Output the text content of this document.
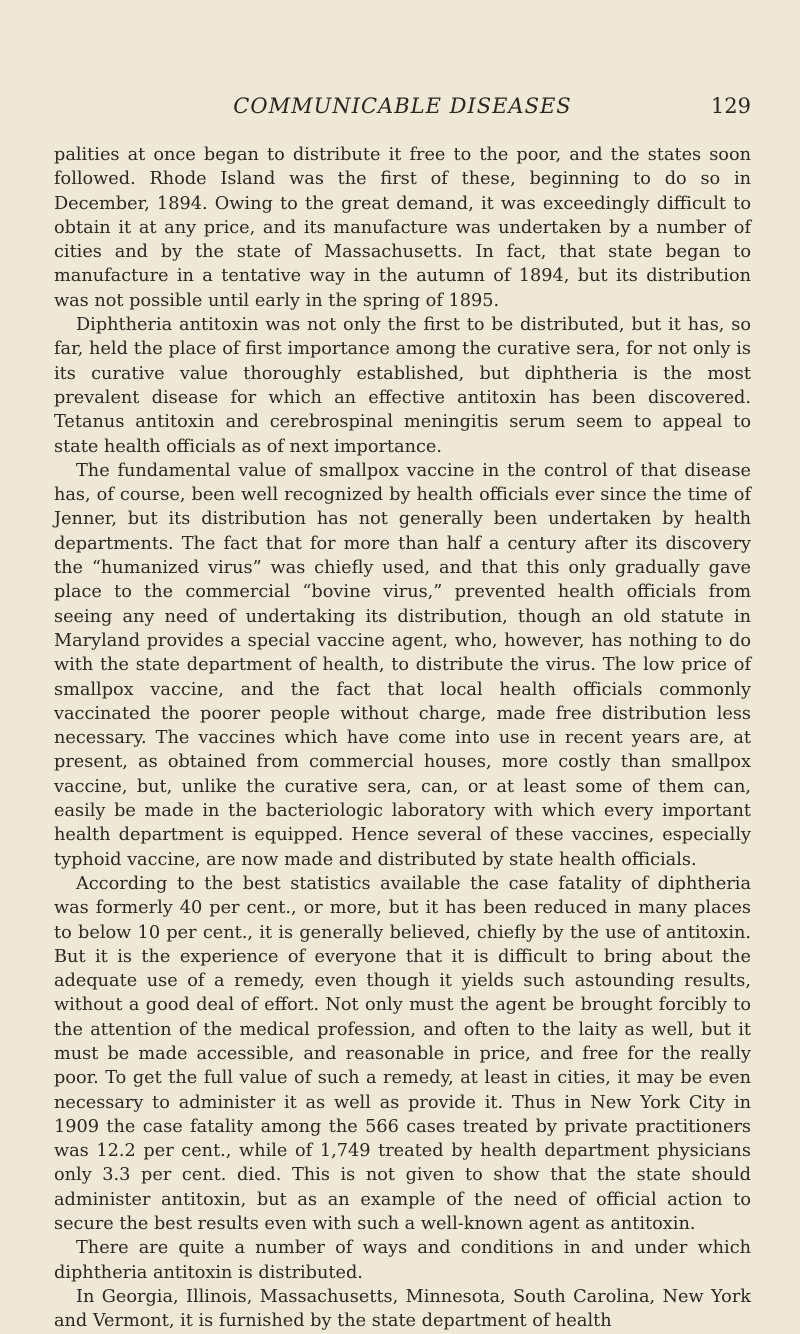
COMMUNICABLE DISEASES	129

palities at once began to distribute it free to the poor, and the states soon followed. Rhode Island was the first of these, beginning to do so in December, 1894. Owing to the great demand, it was exceedingly difficult to obtain it at any price, and its manufacture was undertaken by a number of cities and by the state of Massachusetts. In fact, that state began to manufacture in a tentative way in the autumn of 1894, but its distribution was not possible until early in the spring of 1895.

Diphtheria antitoxin was not only the first to be distributed, but it has, so far, held the place of first importance among the curative sera, for not only is its curative value thoroughly established, but diphtheria is the most prevalent disease for which an effective antitoxin has been discovered. Tetanus antitoxin and cerebrospinal meningitis serum seem to appeal to state health officials as of next importance.

The fundamental value of smallpox vaccine in the control of that disease has, of course, been well recognized by health officials ever since the time of Jenner, but its distribution has not generally been undertaken by health departments. The fact that for more than half a century after its discovery the “humanized virus” was chiefly used, and that this only gradually gave place to the commercial “bovine virus,” prevented health officials from seeing any need of undertaking its distribution, though an old statute in Maryland provides a special vaccine agent, who, however, has nothing to do with the state department of health, to distribute the virus. The low price of smallpox vaccine, and the fact that local health officials commonly vaccinated the poorer people without charge, made free distribution less necessary. The vaccines which have come into use in recent years are, at present, as obtained from commercial houses, more costly than smallpox vaccine, but, unlike the curative sera, can, or at least some of them can, easily be made in the bacteriologic laboratory with which every important health department is equipped. Hence several of these vaccines, especially typhoid vaccine, are now made and distributed by state health officials.

According to the best statistics available the case fatality of diphtheria was formerly 40 per cent., or more, but it has been reduced in many places to below 10 per cent., it is generally believed, chiefly by the use of antitoxin. But it is the experience of everyone that it is difficult to bring about the adequate use of a remedy, even though it yields such astounding results, without a good deal of effort. Not only must the agent be brought forcibly to the attention of the medical profession, and often to the laity as well, but it must be made accessible, and reasonable in price, and free for the really poor. To get the full value of such a remedy, at least in cities, it may be even necessary to administer it as well as provide it. Thus in New York City in 1909 the case fatality among the 566 cases treated by private practitioners was 12.2 per cent., while of 1,749 treated by health department physicians only 3.3 per cent. died. This is not given to show that the state should administer antitoxin, but as an example of the need of official action to secure the best results even with such a well-known agent as antitoxin.

There are quite a number of ways and conditions in and under which diphtheria antitoxin is distributed.

In Georgia, Illinois, Massachusetts, Minnesota, South Carolina, New York and Vermont, it is furnished by the state department of health
